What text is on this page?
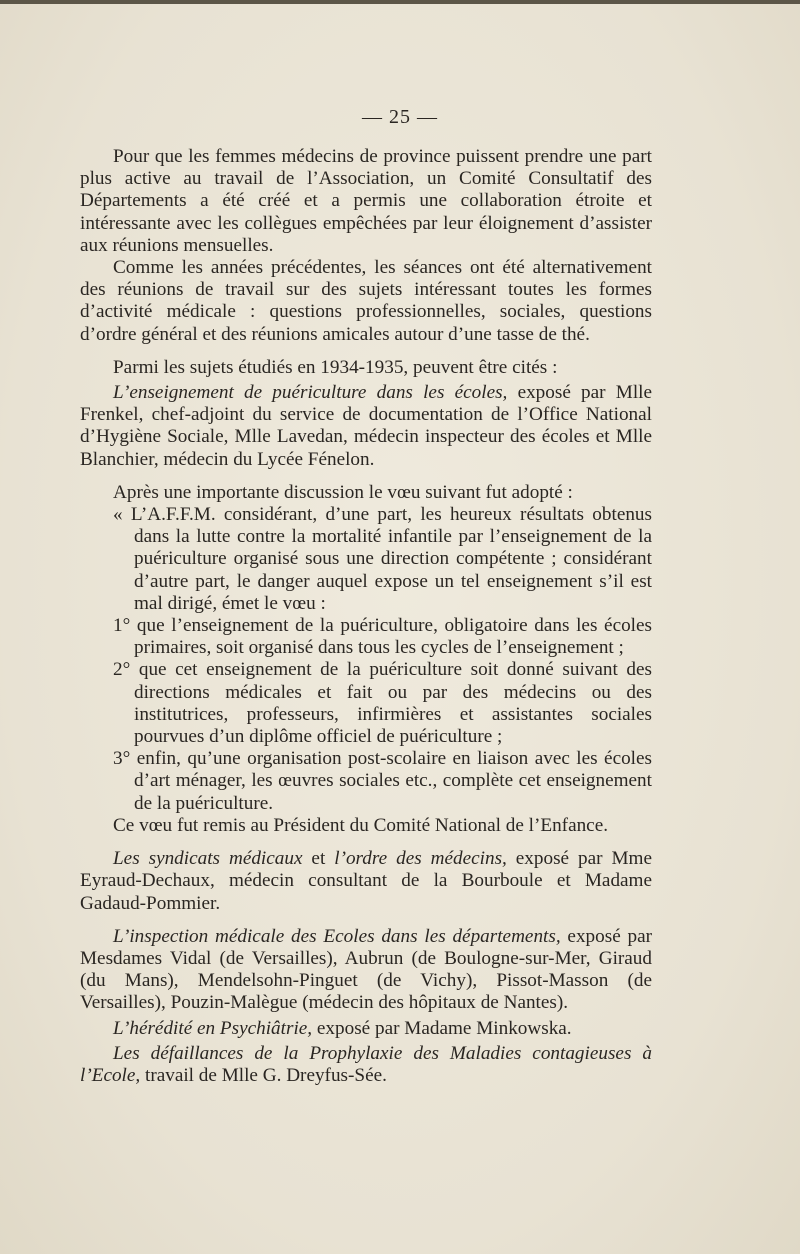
— 25 —

Pour que les femmes médecins de province puissent prendre une part plus active au travail de l’Association, un Comité Consultatif des Départements a été créé et a permis une collaboration étroite et intéressante avec les collègues empêchées par leur éloignement d’assister aux réunions mensuelles.

Comme les années précédentes, les séances ont été alternativement des réunions de travail sur des sujets intéressant toutes les formes d’activité médicale : questions professionnelles, sociales, questions d’ordre général et des réunions amicales autour d’une tasse de thé.

Parmi les sujets étudiés en 1934-1935, peuvent être cités :

L’enseignement de puériculture dans les écoles, exposé par Mlle Frenkel, chef-adjoint du service de documentation de l’Office National d’Hygiène Sociale, Mlle Lavedan, médecin inspecteur des écoles et Mlle Blanchier, médecin du Lycée Fénelon.

Après une importante discussion le vœu suivant fut adopté :

« L’A.F.F.M. considérant, d’une part, les heureux résultats obtenus dans la lutte contre la mortalité infantile par l’enseignement de la puériculture organisé sous une direction compétente ; considérant d’autre part, le danger auquel expose un tel enseignement s’il est mal dirigé, émet le vœu :

1° que l’enseignement de la puériculture, obligatoire dans les écoles primaires, soit organisé dans tous les cycles de l’enseignement ;

2° que cet enseignement de la puériculture soit donné suivant des directions médicales et fait ou par des médecins ou des institutrices, professeurs, infirmières et assistantes sociales pourvues d’un diplôme officiel de puériculture ;

3° enfin, qu’une organisation post-scolaire en liaison avec les écoles d’art ménager, les œuvres sociales etc., complète cet enseignement de la puériculture.

Ce vœu fut remis au Président du Comité National de l’Enfance.

Les syndicats médicaux et l’ordre des médecins, exposé par Mme Eyraud-Dechaux, médecin consultant de la Bourboule et Madame Gadaud-Pommier.

L’inspection médicale des Ecoles dans les départements, exposé par Mesdames Vidal (de Versailles), Aubrun (de Boulogne-sur-Mer, Giraud (du Mans), Mendelsohn-Pinguet (de Vichy), Pissot-Masson (de Versailles), Pouzin-Malègue (médecin des hôpitaux de Nantes).

L’hérédité en Psychiâtrie, exposé par Madame Minkowska.

Les défaillances de la Prophylaxie des Maladies contagieuses à l’Ecole, travail de Mlle G. Dreyfus-Sée.
